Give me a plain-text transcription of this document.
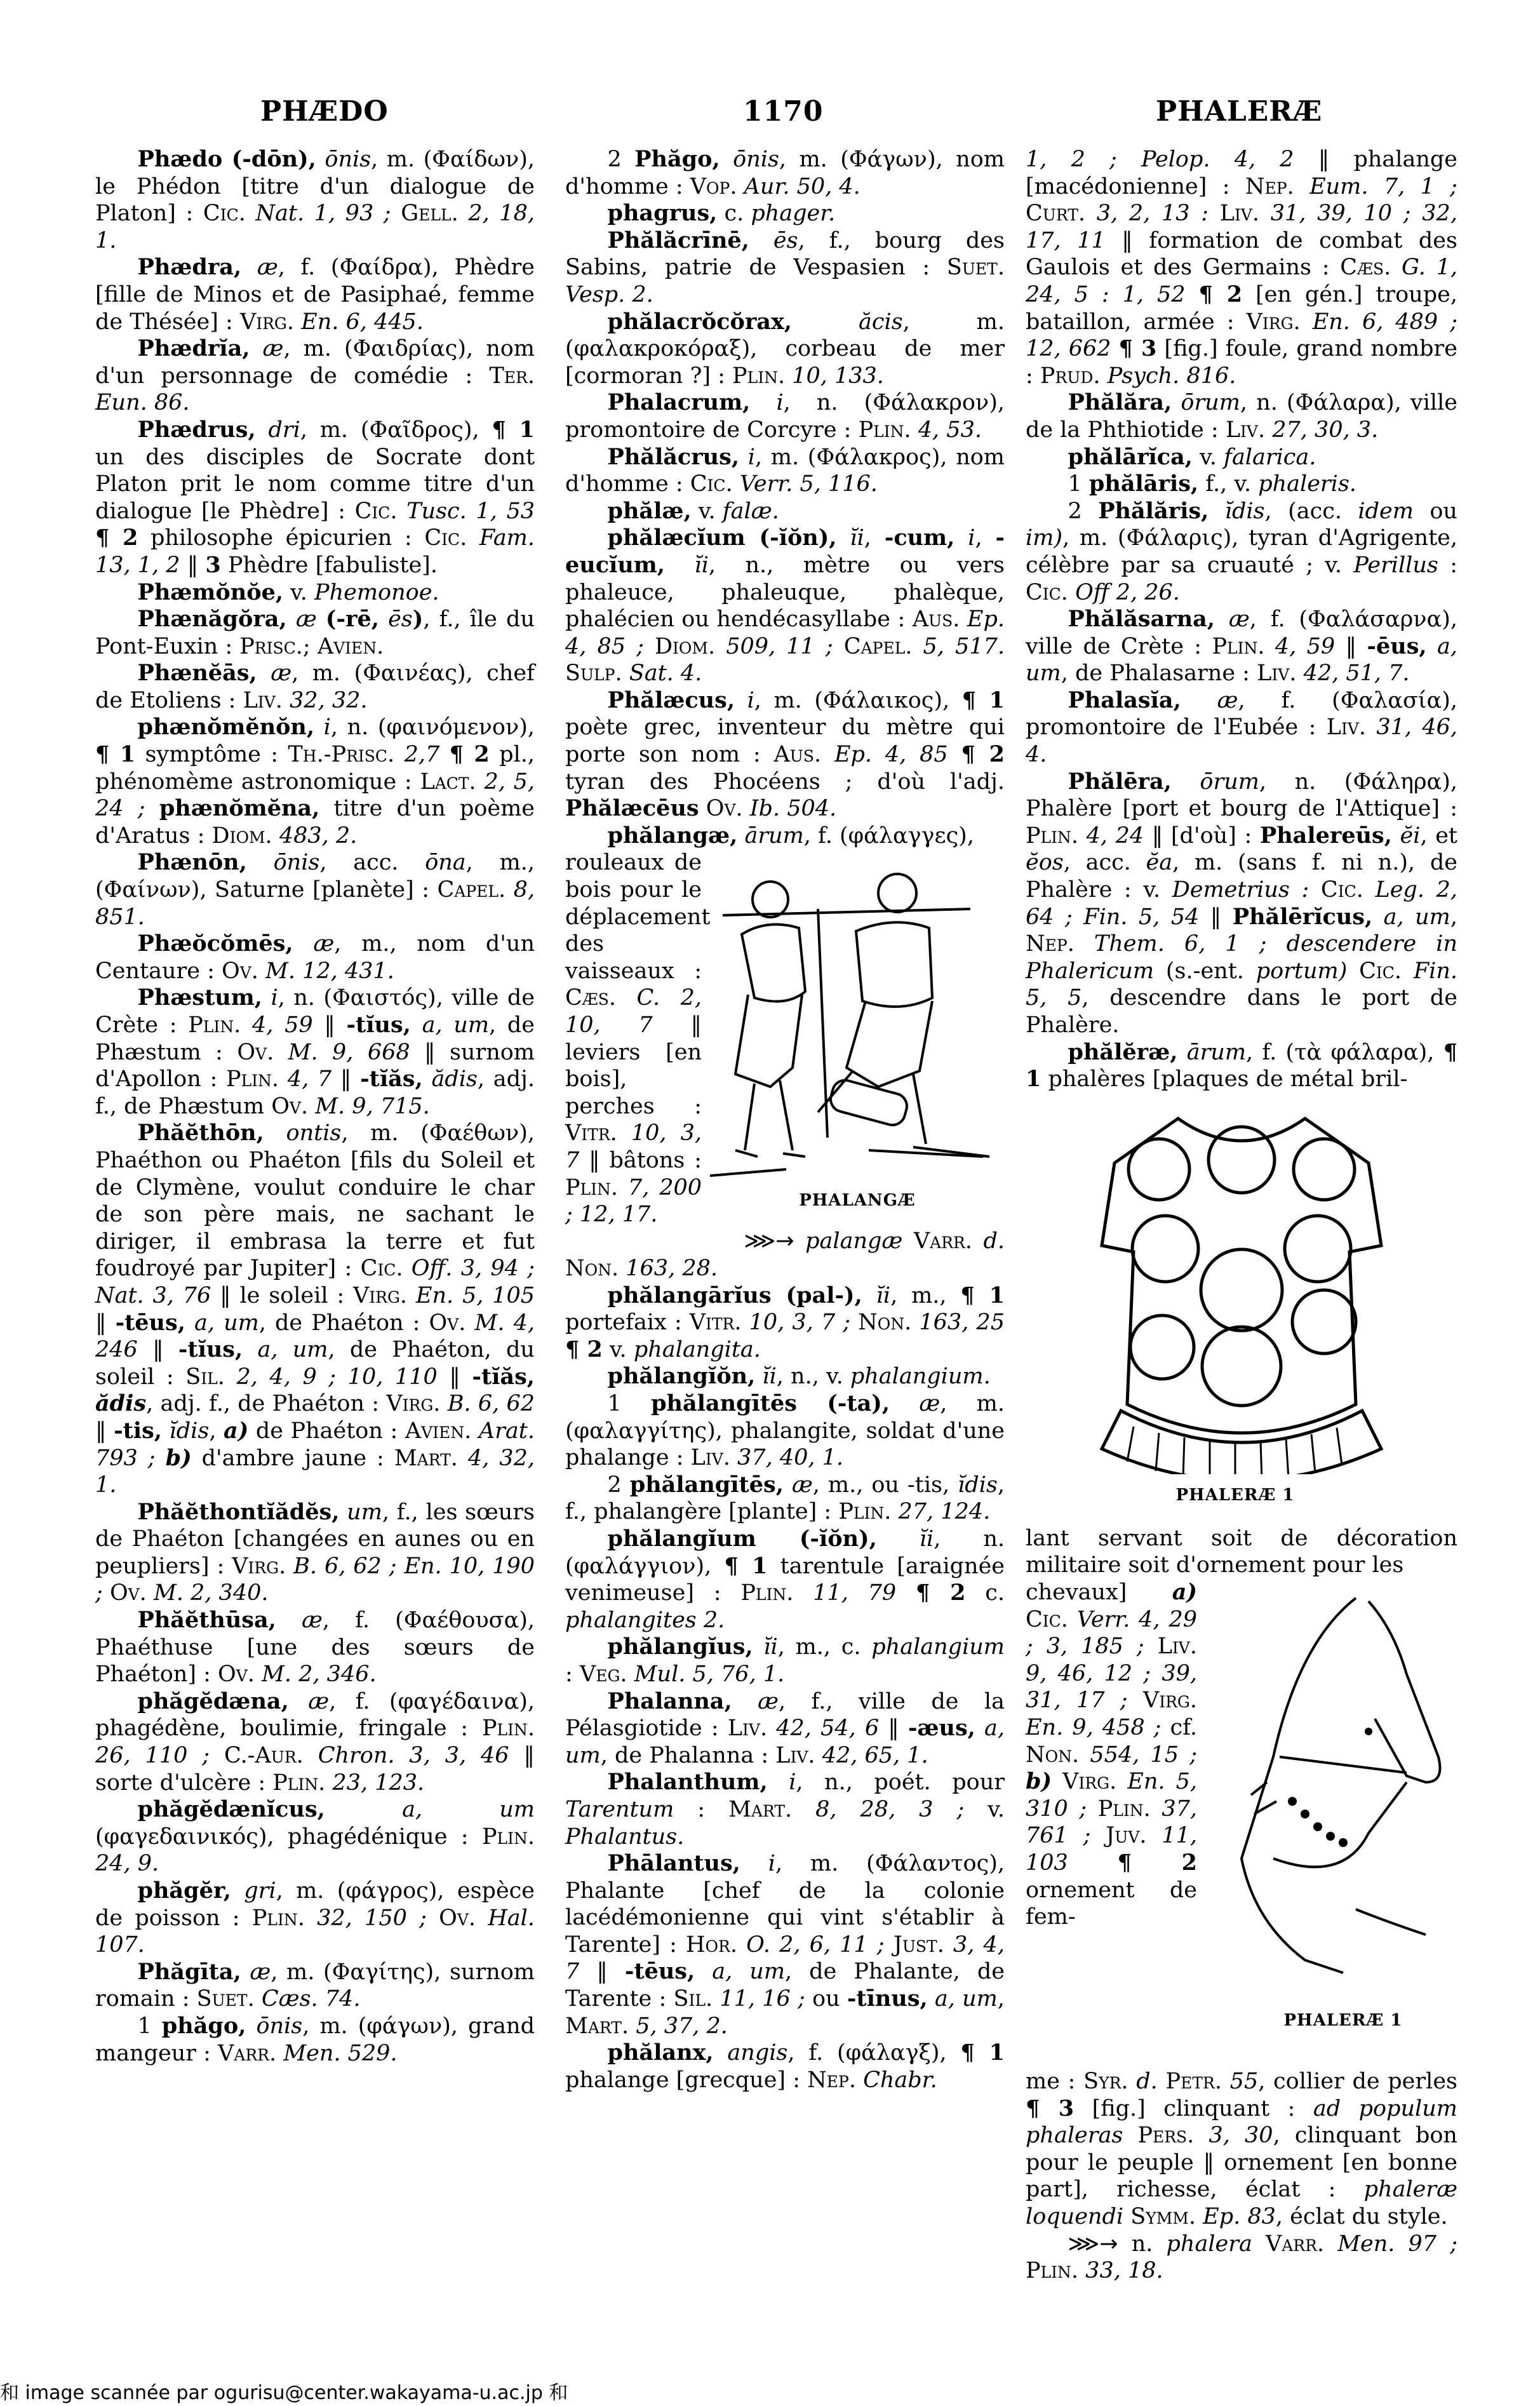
PHÆDO	1170	PHALERÆ

Phædo (-dōn), ōnis, m. (Φαίδων), le Phédon [titre d'un dialogue de Platon] : Cic. Nat. 1, 93 ; Gell. 2, 18, 1.

Phædra, æ, f. (Φαίδρα), Phèdre [fille de Minos et de Pasiphaé, femme de Thésée] : Virg. En. 6, 445.

Phædrĭa, æ, m. (Φαιδρίας), nom d'un personnage de comédie : Ter. Eun. 86.

Phædrus, dri, m. (Φαῖδρος), ¶ 1 un des disciples de Socrate dont Platon prit le nom comme titre d'un dialogue [le Phèdre] : Cic. Tusc. 1, 53 ¶ 2 philosophe épicurien : Cic. Fam. 13, 1, 2 ‖ 3 Phèdre [fabuliste].

Phæmŏnŏe, v. Phemonoe.

Phænăgŏra, æ (-rē, ēs), f., île du Pont-Euxin : Prisc.; Avien.

Phænĕās, æ, m. (Φαινέας), chef de Etoliens : Liv. 32, 32.

phænŏmĕnŏn, i, n. (φαινόμενον), ¶ 1 symptôme : Th.-Prisc. 2,7 ¶ 2 pl., phénomème astronomique : Lact. 2, 5, 24 ; phænŏmĕna, titre d'un poème d'Aratus : Diom. 483, 2.

Phænōn, ōnis, acc. ōna, m., (Φαίνων), Saturne [planète] : Capel. 8, 851.

Phæŏcŏmēs, æ, m., nom d'un Centaure : Ov. M. 12, 431.

Phæstum, i, n. (Φαιστός), ville de Crète : Plin. 4, 59 ‖ -tĭus, a, um, de Phæstum : Ov. M. 9, 668 ‖ surnom d'Apollon : Plin. 4, 7 ‖ -tĭăs, ădis, adj. f., de Phæstum Ov. M. 9, 715.

Phăĕthōn, ontis, m. (Φαέθων), Phaéthon ou Phaéton [fils du Soleil et de Clymène, voulut conduire le char de son père mais, ne sachant le diriger, il embrasa la terre et fut foudroyé par Jupiter] : Cic. Off. 3, 94 ; Nat. 3, 76 ‖ le soleil : Virg. En. 5, 105 ‖ -tēus, a, um, de Phaéton : Ov. M. 4, 246 ‖ -tĭus, a, um, de Phaéton, du soleil : Sil. 2, 4, 9 ; 10, 110 ‖ -tĭăs, ădis, adj. f., de Phaéton : Virg. B. 6, 62 ‖ -tis, ĭdis, a) de Phaéton : Avien. Arat. 793 ; b) d'ambre jaune : Mart. 4, 32, 1.

Phăĕthontĭădĕs, um, f., les sœurs de Phaéton [changées en aunes ou en peupliers] : Virg. B. 6, 62 ; En. 10, 190 ; Ov. M. 2, 340.

Phăĕthūsa, æ, f. (Φαέθουσα), Phaéthuse [une des sœurs de Phaéton] : Ov. M. 2, 346.

phăgĕdæna, æ, f. (φαγέδαινα), phagédène, boulimie, fringale : Plin. 26, 110 ; C.-Aur. Chron. 3, 3, 46 ‖ sorte d'ulcère : Plin. 23, 123.

phăgĕdænĭcus,	a, um (φαγεδαινικός), phagédénique : Plin. 24, 9.

phăgĕr, gri, m. (φάγρος), espèce de poisson : Plin. 32, 150 ; Ov. Hal. 107.

Phăgīta, æ, m. (Φαγίτης), surnom romain : Suet. Cæs. 74.

1 phăgo, ōnis, m. (φάγων), grand mangeur : Varr. Men. 529.

2 Phăgo, ōnis, m. (Φάγων), nom d'homme : Vop. Aur. 50, 4.

phagrus, c. phager.

Phălăcrīnē, ēs, f., bourg des Sabins, patrie de Vespasien : Suet. Vesp. 2.

phălacrŏcŏrax,	ăcis, m. (φαλακροκόραξ), corbeau de mer [cormoran ?] : Plin. 10, 133.

Phalacrum, i, n. (Φάλακρον), promontoire de Corcyre : Plin. 4, 53.

Phălăcrus, i, m. (Φάλακρος), nom d'homme : Cic. Verr. 5, 116.

phălæ, v. falæ.

phălæcĭum (-ĭŏn), ĭi, -cum, i, -eucĭum, ĭi, n., mètre ou vers phaleuce, phaleuque, phalèque, phalécien ou hendécasyllabe : Aus. Ep. 4, 85 ; Diom. 509, 11 ; Capel. 5, 517. Sulp. Sat. 4.

Phălæcus, i, m. (Φάλαικος), ¶ 1 poète grec, inventeur du mètre qui porte son nom : Aus. Ep. 4, 85 ¶ 2 tyran des Phocéens ; d'où l'adj. Phălæcēus Ov. Ib. 504.

phălangæ, ārum, f. (φάλαγγες),

rouleaux de bois pour le déplacement des vaisseaux : Cæs. C. 2, 10, 7 ‖ leviers [en bois], perches : Vitr. 10, 3, 7 ‖ bâtons : Plin. 7, 200 ; 12, 17.
PHALANGÆ

⋙→ palangæ Varr. d. Non. 163, 28.

phălangārĭus (pal-), ĭi, m., ¶ 1 portefaix : Vitr. 10, 3, 7 ; Non. 163, 25 ¶ 2 v. phalangita.

phălangĭŏn, ĭi, n., v. phalangium.

1 phălangītēs (-ta), æ, m. (φαλαγγίτης), phalangite, soldat d'une phalange : Liv. 37, 40, 1.

2 phălangītēs, æ, m., ou -tis, ĭdis, f., phalangère [plante] : Plin. 27, 124.

phălangĭum (-ĭŏn), ĭi, n. (φαλάγγιον), ¶ 1 tarentule [araignée venimeuse] : Plin. 11, 79 ¶ 2 c. phalangites 2.

phălangĭus, ĭi, m., c. phalangium : Veg. Mul. 5, 76, 1.

Phalanna, æ, f., ville de la Pélasgiotide : Liv. 42, 54, 6 ‖ -æus, a, um, de Phalanna : Liv. 42, 65, 1.

Phalanthum, i, n., poét. pour Tarentum : Mart. 8, 28, 3 ; v. Phalantus.

Phālantus, i, m. (Φάλαντος), Phalante [chef de la colonie lacédémonienne qui vint s'établir à Tarente] : Hor. O. 2, 6, 11 ; Just. 3, 4, 7 ‖ -tēus, a, um, de Phalante, de Tarente : Sil. 11, 16 ; ou -tīnus, a, um, Mart. 5, 37, 2.

phălanx, angis, f. (φάλαγξ), ¶ 1 phalange [grecque] : Nep. Chabr.

1, 2 ; Pelop. 4, 2 ‖ phalange [macédonienne] : Nep. Eum. 7, 1 ; Curt. 3, 2, 13 : Liv. 31, 39, 10 ; 32, 17, 11 ‖ formation de combat des Gaulois et des Germains : Cæs. G. 1, 24, 5 : 1, 52 ¶ 2 [en gén.] troupe, bataillon, armée : Virg. En. 6, 489 ; 12, 662 ¶ 3 [fig.] foule, grand nombre : Prud. Psych. 816.

Phălăra, ōrum, n. (Φάλαρα), ville de la Phthiotide : Liv. 27, 30, 3.

phălārĭca, v. falarica.

1 phălāris, f., v. phaleris.

2 Phălăris, ĭdis, (acc. idem ou im), m. (Φάλαρις), tyran d'Agrigente, célèbre par sa cruauté ; v. Perillus : Cic. Off 2, 26.

Phălăsarna, æ, f. (Φαλάσαρνα), ville de Crète : Plin. 4, 59 ‖ -ēus, a, um, de Phalasarne : Liv. 42, 51, 7.

Phalasĭa, æ, f. (Φαλασία), promontoire de l'Eubée : Liv. 31, 46, 4.

Phălēra, ōrum, n. (Φάληρα), Phalère [port et bourg de l'Attique] : Plin. 4, 24 ‖ [d'où] : Phalereūs, ĕi, et ĕos, acc. ĕa, m. (sans f. ni n.), de Phalère : v. Demetrius : Cic. Leg. 2, 64 ; Fin. 5, 54 ‖ Phălērĭcus, a, um, Nep. Them. 6, 1 ; descendere in Phalericum (s.-ent. portum) Cic. Fin. 5, 5, descendre dans le port de Phalère.

phălĕræ, ārum, f. (τὰ φάλαρα), ¶ 1 phalères [plaques de métal bril-

PHALERÆ 1

lant servant soit de décoration militaire soit d'ornement pour les

chevaux] a) Cic. Verr. 4, 29 ; 3, 185 ; Liv. 9, 46, 12 ; 39, 31, 17 ; Virg. En. 9, 458 ; cf. Non. 554, 15 ; b) Virg. En. 5, 310 ; Plin. 37, 761 ; Juv. 11, 103 ¶ 2 ornement de fem-
PHALERÆ 1

me : Syr. d. Petr. 55, collier de perles ¶ 3 [fig.] clinquant : ad populum phaleras Pers. 3, 30, clinquant bon pour le peuple ‖ ornement [en bonne part], richesse, éclat : phaleræ loquendi Symm. Ep. 83, éclat du style.

⋙→ n. phalera Varr. Men. 97 ; Plin. 33, 18.

和 image scannée par ogurisu@center.wakayama-u.ac.jp 和
